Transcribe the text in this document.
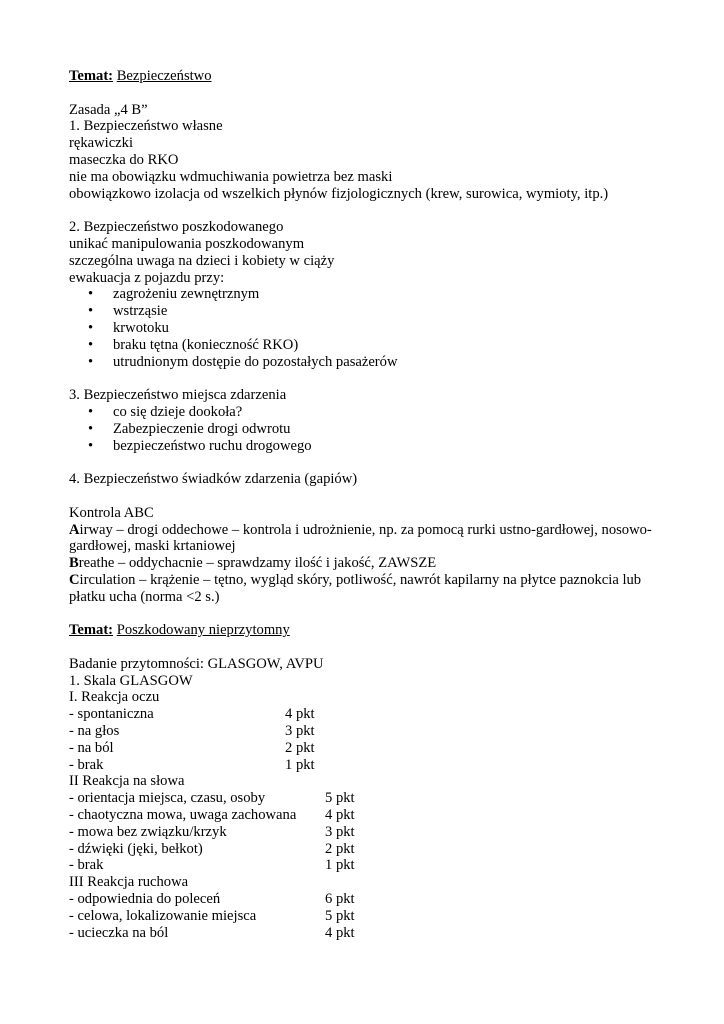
Temat: Bezpieczeństwo

Zasada „4 B”

1. Bezpieczeństwo własne

rękawiczki

maseczka do RKO

nie ma obowiązku wdmuchiwania powietrza bez maski

obowiązkowo izolacja od wszelkich płynów fizjologicznych (krew, surowica, wymioty, itp.)

2. Bezpieczeństwo poszkodowanego

unikać manipulowania poszkodowanym

szczególna uwaga na dzieci i kobiety w ciąży

ewakuacja z pojazdu przy:

• zagrożeniu zewnętrznym
• wstrząsie
• krwotoku
• braku tętna (konieczność RKO)
• utrudnionym dostępie do pozostałych pasażerów

3. Bezpieczeństwo miejsca zdarzenia

• co się dzieje dookoła?
• Zabezpieczenie drogi odwrotu
• bezpieczeństwo ruchu drogowego

4. Bezpieczeństwo świadków zdarzenia (gapiów)

Kontrola ABC

Airway – drogi oddechowe – kontrola i udrożnienie, np. za pomocą rurki ustno-gardłowej, nosowo-gardłowej, maski krtaniowej

Breathe – oddychacnie – sprawdzamy ilość i jakość, ZAWSZE

Circulation – krążenie – tętno, wygląd skóry, potliwość, nawrót kapilarny na płytce paznokcia lub płatku ucha (norma <2 s.)

Temat: Poszkodowany nieprzytomny

Badanie przytomności: GLASGOW, AVPU

1. Skala GLASGOW

I. Reakcja oczu

- spontaniczna	4 pkt
- na głos	3 pkt
- na ból	2 pkt
- brak	1 pkt

II Reakcja na słowa

- orientacja miejsca, czasu, osoby	5 pkt
- chaotyczna mowa, uwaga zachowana 4 pkt
- mowa bez związku/krzyk	3 pkt
- dźwięki (jęki, bełkot)	2 pkt
- brak	1 pkt

III Reakcja ruchowa

- odpowiednia do poleceń	6 pkt
- celowa, lokalizowanie miejsca	5 pkt
- ucieczka na ból	4 pkt
